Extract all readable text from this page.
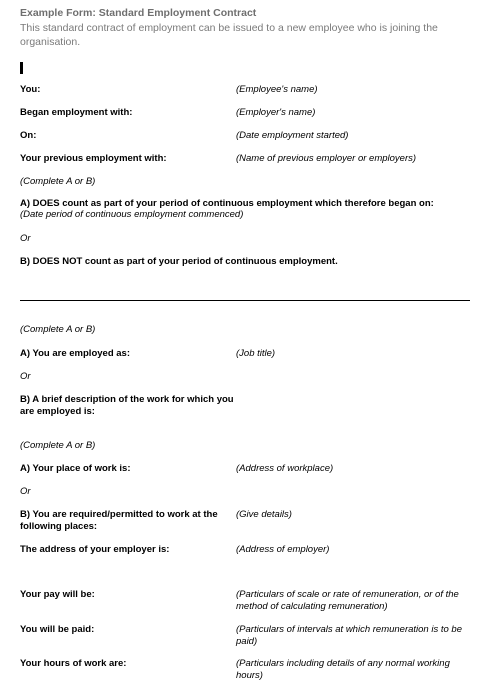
Example Form: Standard Employment Contract
This standard contract of employment can be issued to a new employee who is joining the organisation.
You:	(Employee's name)
Began employment with:	(Employer's name)
On:	(Date employment started)
Your previous employment with:	(Name of previous employer or employers)
(Complete A or B)
A) DOES count as part of your period of continuous employment which therefore began on:
(Date period of continuous employment commenced)
Or
B) DOES NOT count as part of your period of continuous employment.
(Complete A or B)
A) You are employed as:	(Job title)
Or
B) A brief description of the work for which you are employed is:
(Complete A or B)
A) Your place of work is:	(Address of workplace)
Or
B) You are required/permitted to work at the following places:
(Give details)
The address of your employer is:	(Address of employer)
Your pay will be:	(Particulars of scale or rate of remuneration, or of the method of calculating remuneration)
You will be paid:	(Particulars of intervals at which remuneration is to be paid)
Your hours of work are:	(Particulars including details of any normal working hours)
